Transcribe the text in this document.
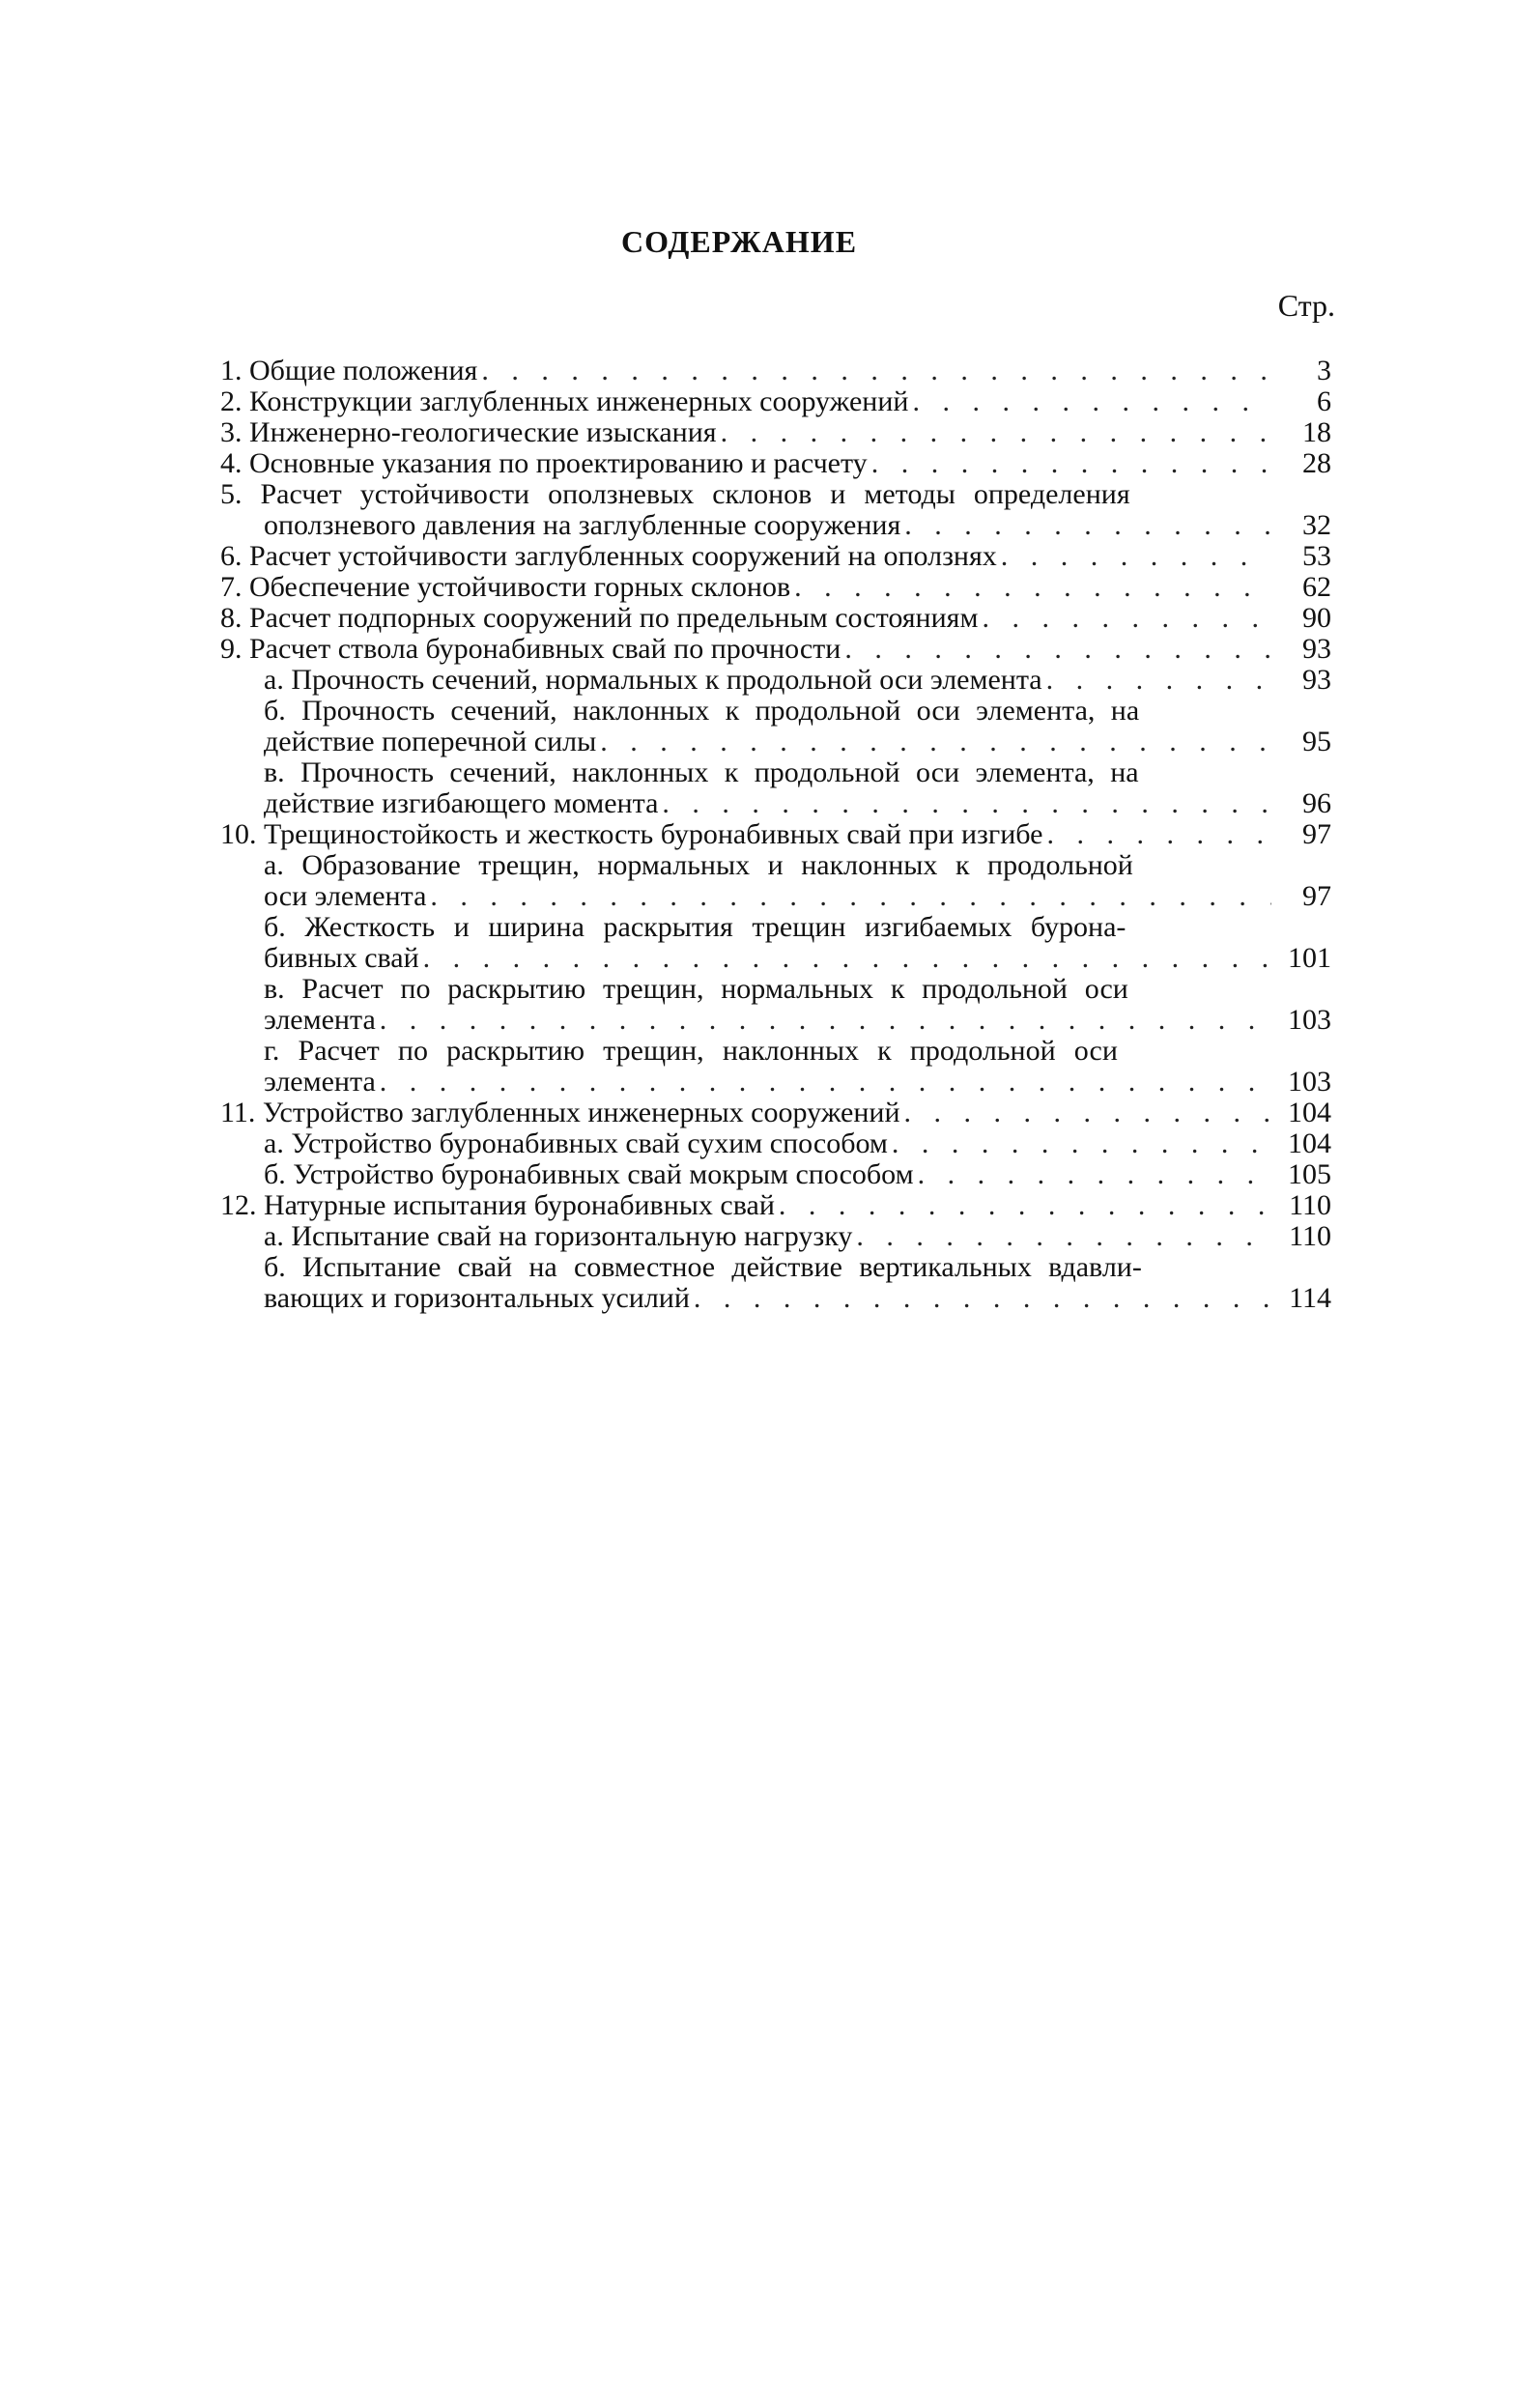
СОДЕРЖАНИЕ
Стр.
1. Общие положения . . .	3
2. Конструкции заглубленных инженерных сооружений . . .	6
3. Инженерно-геологические изыскания . . .	18
4. Основные указания по проектированию и расчету . . .	28
5. Расчет устойчивости оползневых склонов и методы определения
оползневого давления на заглубленные сооружения . . .	32
6. Расчет устойчивости заглубленных сооружений на оползнях . . .	53
7. Обеспечение устойчивости горных склонов . . .	62
8. Расчет подпорных сооружений по предельным состояниям . . .	90
9. Расчет ствола буронабивных свай по прочности . . .	93
а. Прочность сечений, нормальных к продольной оси элемента . . .	93
б. Прочность сечений, наклонных к продольной оси элемента, на
действие поперечной силы . . .	95
в. Прочность сечений, наклонных к продольной оси элемента, на
действие изгибающего момента . . .	96
10. Трещиностойкость и жесткость буронабивных свай при изгибе . . .	97
а. Образование трещин, нормальных и наклонных к продольной
оси элемента . . .	97
б. Жесткость и ширина раскрытия трещин изгибаемых бурона-
бивных свай . . .	101
в. Расчет по раскрытию трещин, нормальных к продольной оси
элемента . . .	103
г. Расчет по раскрытию трещин, наклонных к продольной оси
элемента . . .	103
11. Устройство заглубленных инженерных сооружений . . .	104
а. Устройство буронабивных свай сухим способом . . .	104
б. Устройство буронабивных свай мокрым способом . . .	105
12. Натурные испытания буронабивных свай . . .	110
а. Испытание свай на горизонтальную нагрузку . . .	110
б. Испытание свай на совместное действие вертикальных вдавли-
вающих и горизонтальных усилий . . .	114
